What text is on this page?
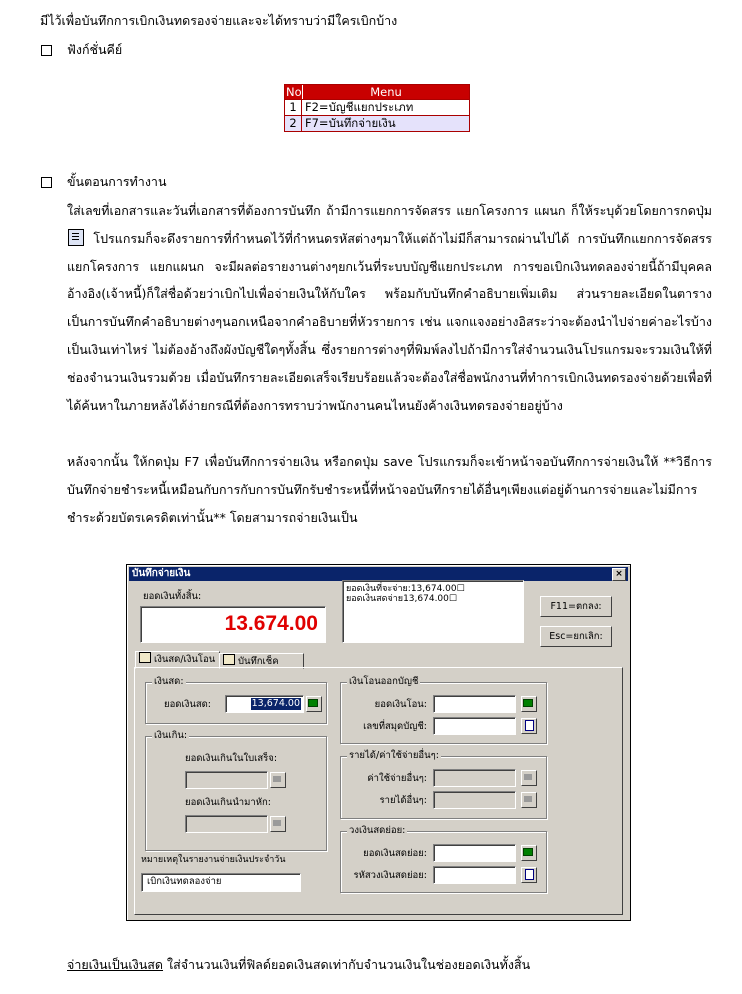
มีไว้เพื่อบันทึกการเบิกเงินทดรองจ่ายและจะได้ทราบว่ามีใครเบิกบ้าง
ฟังก์ชั่นคีย์
No	Menu
1 F2=บัญชีแยกประเภท
2 F7=บันทึกจ่ายเงิน
ขั้นตอนการทำงาน
ใส่เลขที่เอกสารและวันที่เอกสารที่ต้องการบันทึก ถ้ามีการแยกการจัดสรร แยกโครงการ แผนก ก็ให้ระบุด้วยโดยการกดปุ่ม โปรแกรมก็จะดึงรายการที่กำหนดไว้ที่กำหนดรหัสต่างๆมาให้แต่ถ้าไม่มีก็สามารถผ่านไปได้ การบันทึกแยกการจัดสรร แยกโครงการ แยกแผนก จะมีผลต่อรายงานต่างๆยกเว้นที่ระบบบัญชีแยกประเภท การขอเบิกเงินทดลองจ่ายนี้ถ้ามีบุคคลอ้างอิง(เจ้าหนี้)ก็ใส่ชื่อด้วยว่าเบิกไปเพื่อจ่ายเงินให้กับใคร พร้อมกับบันทึกคำอธิบายเพิ่มเติม ส่วนรายละเอียดในตาราง เป็นการบันทึกคำอธิบายต่างๆนอกเหนือจากคำอธิบายที่หัวรายการ เช่น แจกแจงอย่างอิสระว่าจะต้องนำไปจ่ายค่าอะไรบ้าง เป็นเงินเท่าไหร่ ไม่ต้องอ้างถึงผังบัญชีใดๆทั้งสิ้น ซึ่งรายการต่างๆที่พิมพ์ลงไปถ้ามีการใส่จำนวนเงินโปรแกรมจะรวมเงินให้ที่ช่องจำนวนเงินรวมด้วย เมื่อบันทึกรายละเอียดเสร็จเรียบร้อยแล้วจะต้องใส่ชื่อพนักงานที่ทำการเบิกเงินทดรองจ่ายด้วยเพื่อที่ได้ค้นหาในภายหลังได้ง่ายกรณีที่ต้องการทราบว่าพนักงานคนไหนยังค้างเงินทดรองจ่ายอยู่บ้าง
หลังจากนั้น ให้กดปุ่ม F7 เพื่อบันทึกการจ่ายเงิน หรือกดปุ่ม save โปรแกรมก็จะเข้าหน้าจอบันทึกการจ่ายเงินให้ **วิธีการบันทึกจ่ายชำระหนี้เหมือนกับการกับการบันทึกรับชำระหนี้ที่หน้าจอบันทึกรายได้อื่นๆเพียงแต่อยู่ด้านการจ่ายและไม่มีการชำระด้วยบัตรเครดิตเท่านั้น** โดยสามารถจ่ายเงินเป็น
บันทึกจ่ายเงิน	×
ยอดเงินทั้งสิ้น:
13.674.00
ยอดเงินที่จะจ่าย:13,674.00☐
ยอดเงินสดจ่าย13,674.00☐
F11=ตกลง:
Esc=ยกเลิก:
เงินสด/เงินโอน	บันทึกเช็ค
เงินสด:
ยอดเงินสด:	13,674.00
เงินเกิน:
ยอดเงินเกินในใบเสร็จ:
ยอดเงินเกินนำมาหัก:
หมายเหตุในรายงานจ่ายเงินประจำวัน
เบิกเงินทดลองจ่าย
เงินโอนออกบัญชี
ยอดเงินโอน:
เลขที่สมุดบัญชี:
รายได้/ค่าใช้จ่ายอื่นๆ:
ค่าใช้จ่ายอื่นๆ:
รายได้อื่นๆ:
วงเงินสดย่อย:
ยอดเงินสดย่อย:
รหัสวงเงินสดย่อย:
จ่ายเงินเป็นเงินสด ใส่จำนวนเงินที่ฟิลด์ยอดเงินสดเท่ากับจำนวนเงินในช่องยอดเงินทั้งสิ้น
